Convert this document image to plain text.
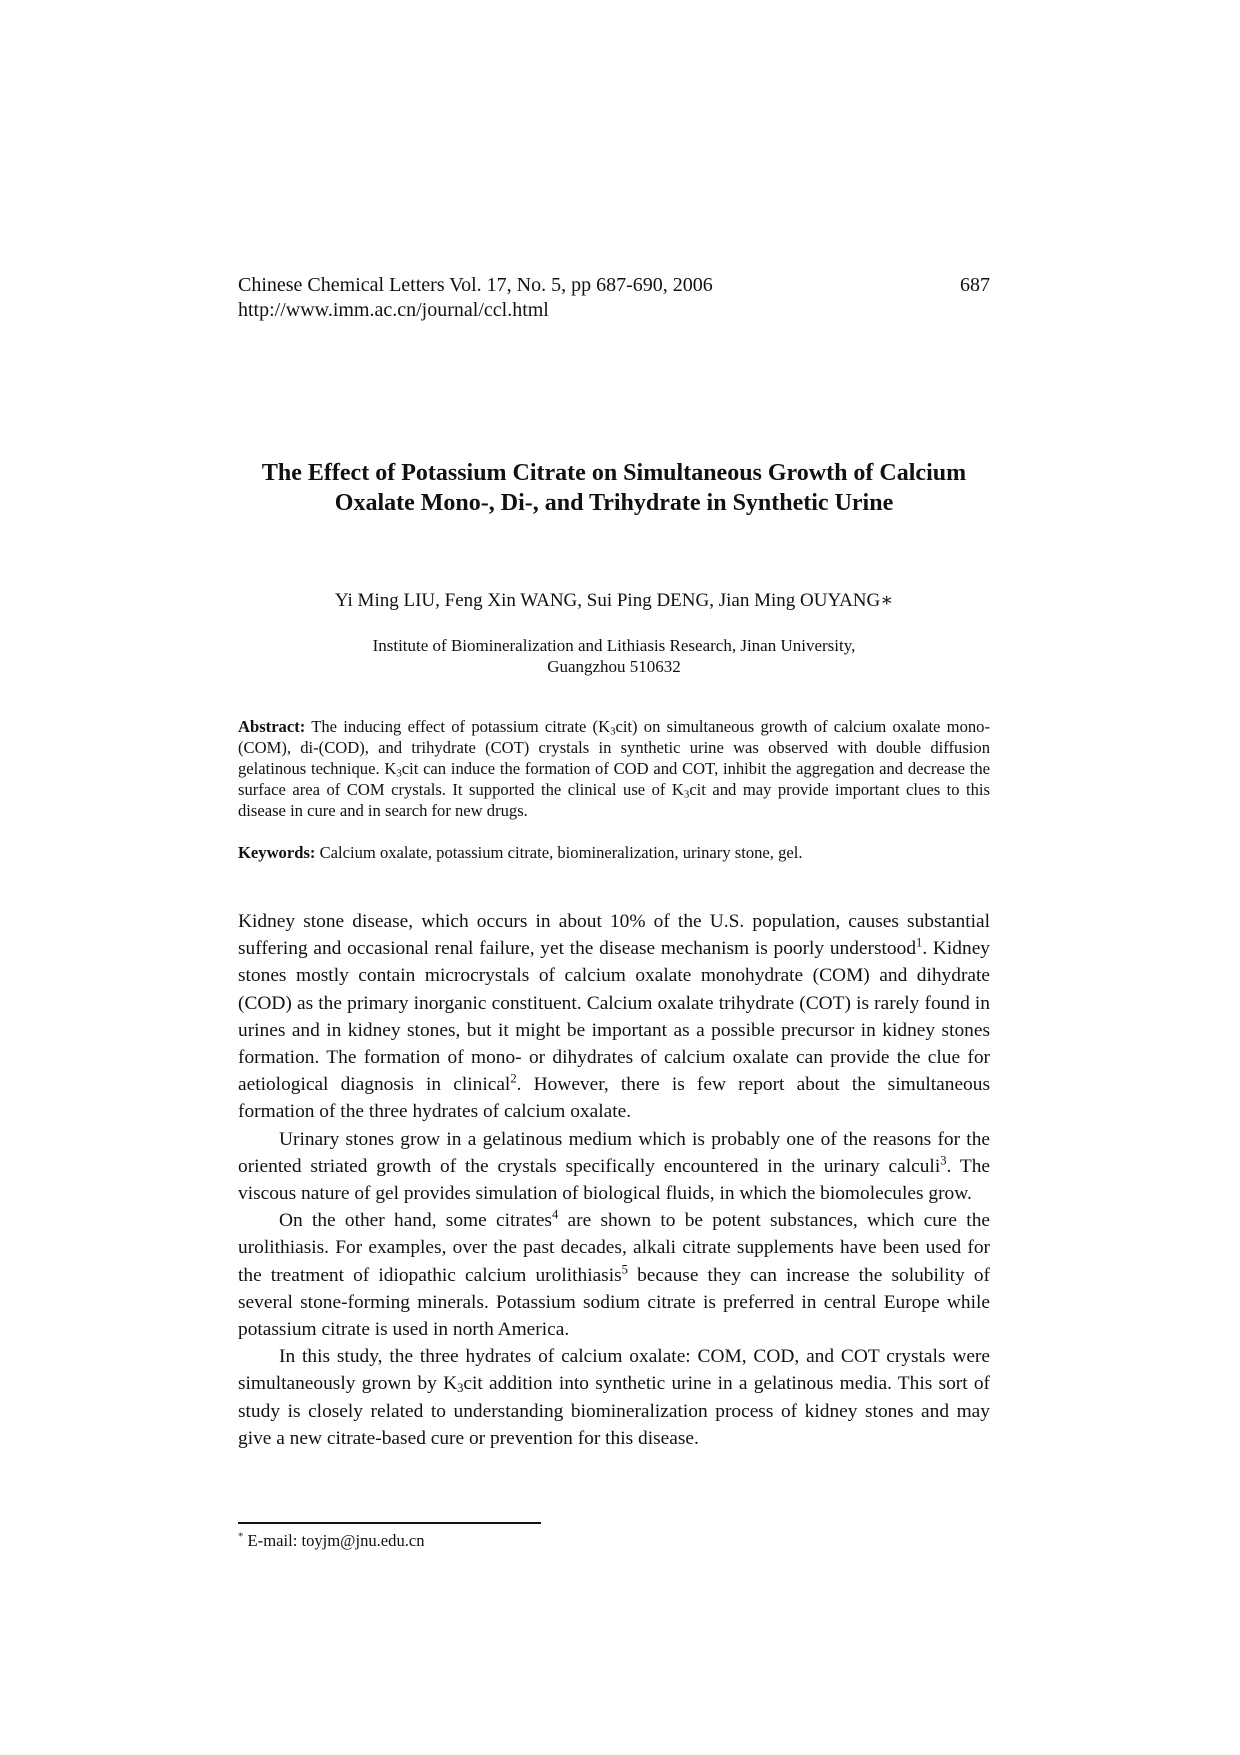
Chinese Chemical Letters Vol. 17, No. 5, pp 687-690, 2006
http://www.imm.ac.cn/journal/ccl.html
687
The Effect of Potassium Citrate on Simultaneous Growth of Calcium
Oxalate Mono-, Di-, and Trihydrate in Synthetic Urine
Yi Ming LIU, Feng Xin WANG, Sui Ping DENG, Jian Ming OUYANG∗
Institute of Biomineralization and Lithiasis Research, Jinan University,
Guangzhou 510632
Abstract: The inducing effect of potassium citrate $(K_3cit)$ on simultaneous growth of calcium oxalate mono-(COM), di-(COD), and trihydrate (COT) crystals in synthetic urine was observed with double diffusion gelatinous technique. $K_3cit$ can induce the formation of COD and COT, inhibit the aggregation and decrease the surface area of COM crystals. It supported the clinical use of $K_3cit$ and may provide important clues to this disease in cure and in search for new drugs.
Keywords: Calcium oxalate, potassium citrate, biomineralization, urinary stone, gel.

Kidney stone disease, which occurs in about 10% of the U.S. population, causes substantial suffering and occasional renal failure, yet the disease mechanism is poorly understood$^1$. Kidney stones mostly contain microcrystals of calcium oxalate monohydrate (COM) and dihydrate (COD) as the primary inorganic constituent. Calcium oxalate trihydrate (COT) is rarely found in urines and in kidney stones, but it might be important as a possible precursor in kidney stones formation. The formation of mono- or dihydrates of calcium oxalate can provide the clue for aetiological diagnosis in clinical$^2$. However, there is few report about the simultaneous formation of the three hydrates of calcium oxalate.

Urinary stones grow in a gelatinous medium which is probably one of the reasons for the oriented striated growth of the crystals specifically encountered in the urinary calculi$^3$. The viscous nature of gel provides simulation of biological fluids, in which the biomolecules grow.

On the other hand, some citrates$^4$ are shown to be potent substances, which cure the urolithiasis. For examples, over the past decades, alkali citrate supplements have been used for the treatment of idiopathic calcium urolithiasis$^5$ because they can increase the solubility of several stone-forming minerals. Potassium sodium citrate is preferred in central Europe while potassium citrate is used in north America.

In this study, the three hydrates of calcium oxalate: COM, COD, and COT crystals were simultaneously grown by $K_3cit$ addition into synthetic urine in a gelatinous media. This sort of study is closely related to understanding biomineralization process of kidney stones and may give a new citrate-based cure or prevention for this disease.

* E-mail: toyjm@jnu.edu.cn
